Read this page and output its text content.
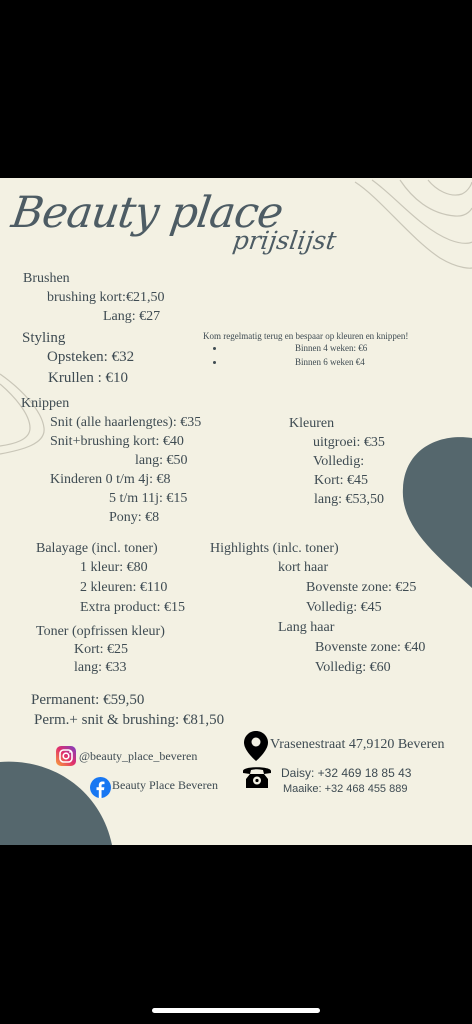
Beauty place
prijslijst
Brushen
brushing kort:€21,50
Lang: €27
Styling
Opsteken: €32
Krullen : €10
Kom regelmatig terug en bespaar op kleuren en knippen!
Binnen 4 weken: €6
Binnen 6 weken €4
Knippen
Snit (alle haarlengtes): €35
Snit+brushing kort: €40
lang: €50
Kinderen 0 t/m 4j: €8
5 t/m 11j: €15
Pony: €8
Kleuren
uitgroei: €35
Volledig:
Kort: €45
lang: €53,50
Balayage (incl. toner)
1 kleur: €80
2 kleuren: €110
Extra product: €15
Highlights (inlc. toner)
kort haar
Bovenste zone: €25
Volledig: €45
Lang haar
Bovenste zone: €40
Volledig: €60
Toner (opfrissen kleur)
Kort: €25
lang: €33
Permanent: €59,50
Perm.+ snit & brushing: €81,50
@beauty_place_beveren
Beauty Place Beveren
Vrasenestraat 47,9120 Beveren
Daisy: +32 469 18 85 43
Maaike: +32 468 455 889
